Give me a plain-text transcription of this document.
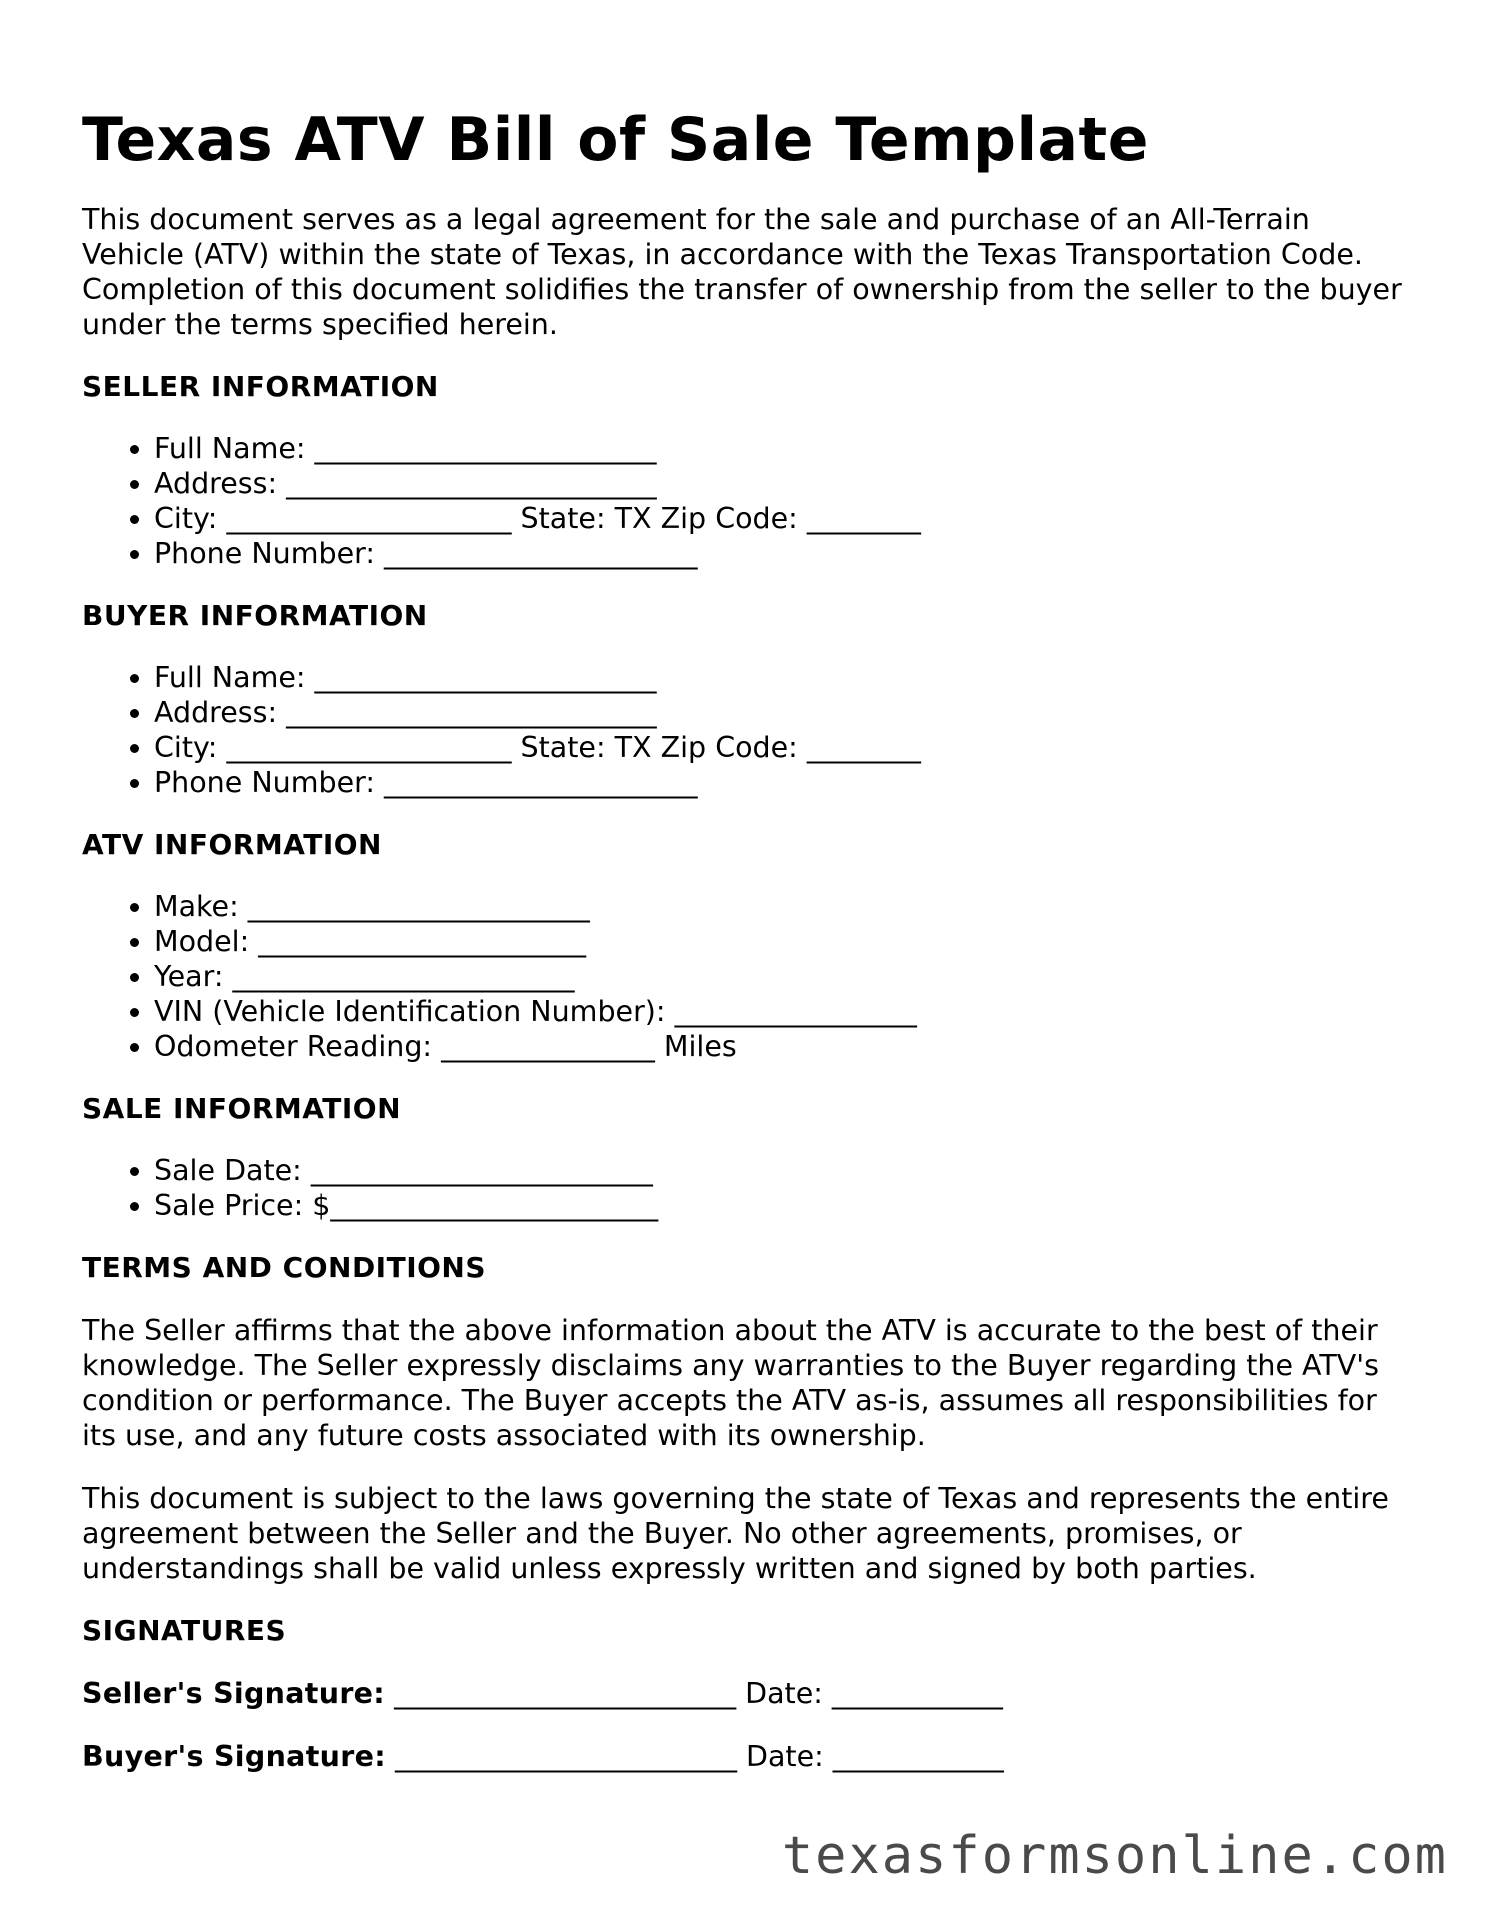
Texas ATV Bill of Sale Template

This document serves as a legal agreement for the sale and purchase of an All-Terrain Vehicle (ATV) within the state of Texas, in accordance with the Texas Transportation Code. Completion of this document solidifies the transfer of ownership from the seller to the buyer under the terms specified herein.

SELLER INFORMATION
• Full Name: ________________________
• Address: __________________________
• City: ____________________ State: TX Zip Code: ________
• Phone Number: ______________________
BUYER INFORMATION
• Full Name: ________________________
• Address: __________________________
• City: ____________________ State: TX Zip Code: ________
• Phone Number: ______________________
ATV INFORMATION
• Make: ________________________
• Model: _______________________
• Year: ________________________
• VIN (Vehicle Identification Number): _________________
• Odometer Reading: _______________ Miles
SALE INFORMATION
• Sale Date: ________________________
• Sale Price: $_______________________
TERMS AND CONDITIONS

The Seller affirms that the above information about the ATV is accurate to the best of their knowledge. The Seller expressly disclaims any warranties to the Buyer regarding the ATV's condition or performance. The Buyer accepts the ATV as-is, assumes all responsibilities for its use, and any future costs associated with its ownership.

This document is subject to the laws governing the state of Texas and represents the entire agreement between the Seller and the Buyer. No other agreements, promises, or understandings shall be valid unless expressly written and signed by both parties.

SIGNATURES
Seller's Signature: ________________________ Date: ____________
Buyer's Signature: ________________________ Date: ____________
texasformsonline.com
